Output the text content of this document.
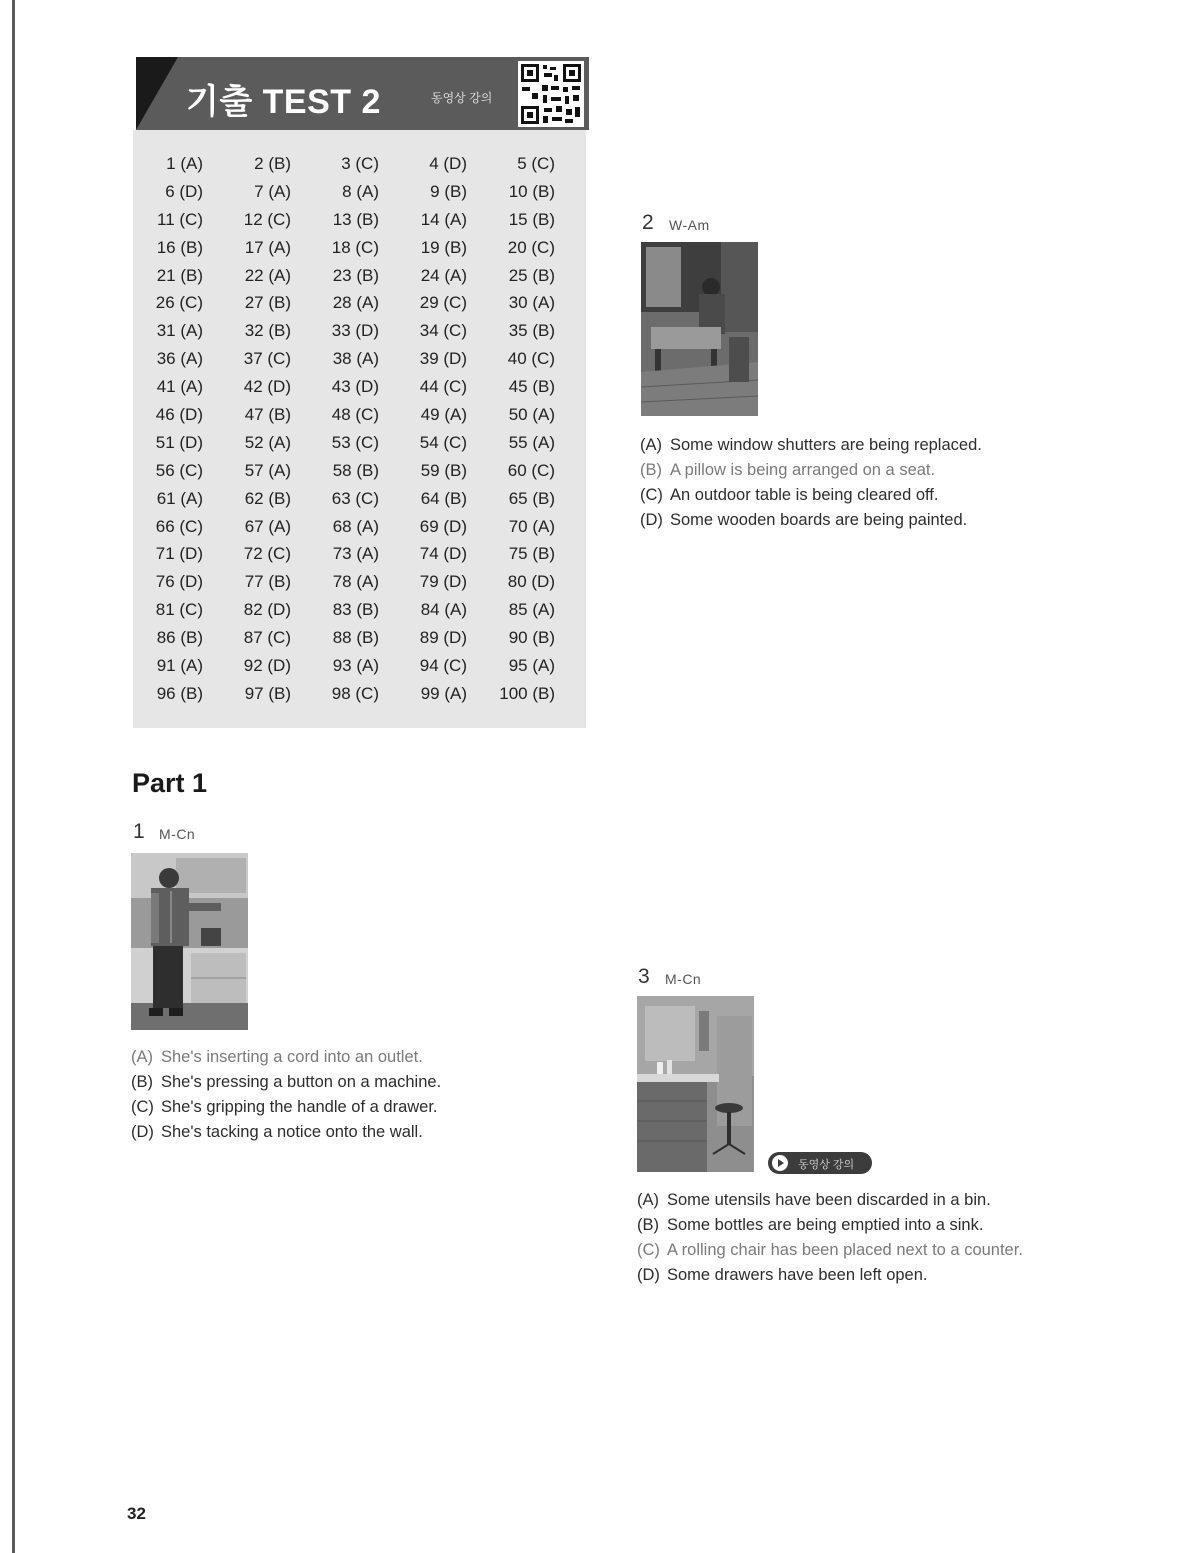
기출 TEST 2	동영상 강의
1 (A)	2 (B)	3 (C)	4 (D)	5 (C)
6 (D)	7 (A)	8 (A)	9 (B)	10 (B)
11 (C)	12 (C)	13 (B)	14 (A)	15 (B)
16 (B)	17 (A)	18 (C)	19 (B)	20 (C)
21 (B)	22 (A)	23 (B)	24 (A)	25 (B)
26 (C)	27 (B)	28 (A)	29 (C)	30 (A)
31 (A)	32 (B)	33 (D)	34 (C)	35 (B)
36 (A)	37 (C)	38 (A)	39 (D)	40 (C)
41 (A)	42 (D)	43 (D)	44 (C)	45 (B)
46 (D)	47 (B)	48 (C)	49 (A)	50 (A)
51 (D)	52 (A)	53 (C)	54 (C)	55 (A)
56 (C)	57 (A)	58 (B)	59 (B)	60 (C)
61 (A)	62 (B)	63 (C)	64 (B)	65 (B)
66 (C)	67 (A)	68 (A)	69 (D)	70 (A)
71 (D)	72 (C)	73 (A)	74 (D)	75 (B)
76 (D)	77 (B)	78 (A)	79 (D)	80 (D)
81 (C)	82 (D)	83 (B)	84 (A)	85 (A)
86 (B)	87 (C)	88 (B)	89 (D)	90 (B)
91 (A)	92 (D)	93 (A)	94 (C)	95 (A)
96 (B)	97 (B)	98 (C)	99 (A)	100 (B)
Part 1
1 M-Cn
(A) She's inserting a cord into an outlet.
(B) She's pressing a button on a machine.
(C) She's gripping the handle of a drawer.
(D) She's tacking a notice onto the wall.
2 W-Am
(A) Some window shutters are being replaced.
(B) A pillow is being arranged on a seat.
(C) An outdoor table is being cleared off.
(D) Some wooden boards are being painted.
3 M-Cn
동영상 강의
(A) Some utensils have been discarded in a bin.
(B) Some bottles are being emptied into a sink.
(C) A rolling chair has been placed next to a counter.
(D) Some drawers have been left open.
32
